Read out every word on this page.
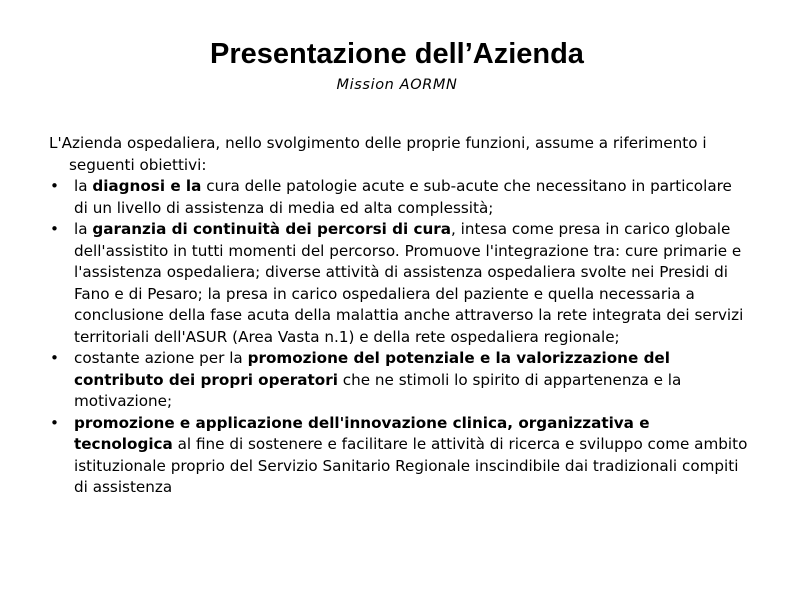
Presentazione dell’Azienda
Mission AORMN

L'Azienda ospedaliera, nello svolgimento delle proprie funzioni, assume a riferimento i seguenti obiettivi:

• la diagnosi e la cura delle patologie acute e sub-acute che necessitano in particolare di un livello di assistenza di media ed alta complessità;
• la garanzia di continuità dei percorsi di cura, intesa come presa in carico globale dell'assistito in tutti momenti del percorso. Promuove l'integrazione tra: cure primarie e l'assistenza ospedaliera; diverse attività di assistenza ospedaliera svolte nei Presidi di Fano e di Pesaro; la presa in carico ospedaliera del paziente e quella necessaria a conclusione della fase acuta della malattia anche attraverso la rete integrata dei servizi territoriali dell'ASUR (Area Vasta n.1) e della rete ospedaliera regionale;
• costante azione per la promozione del potenziale e la valorizzazione del contributo dei propri operatori che ne stimoli lo spirito di appartenenza e la motivazione;
• promozione e applicazione dell'innovazione clinica, organizzativa e tecnologica al fine di sostenere e facilitare le attività di ricerca e sviluppo come ambito istituzionale proprio del Servizio Sanitario Regionale inscindibile dai tradizionali compiti di assistenza
